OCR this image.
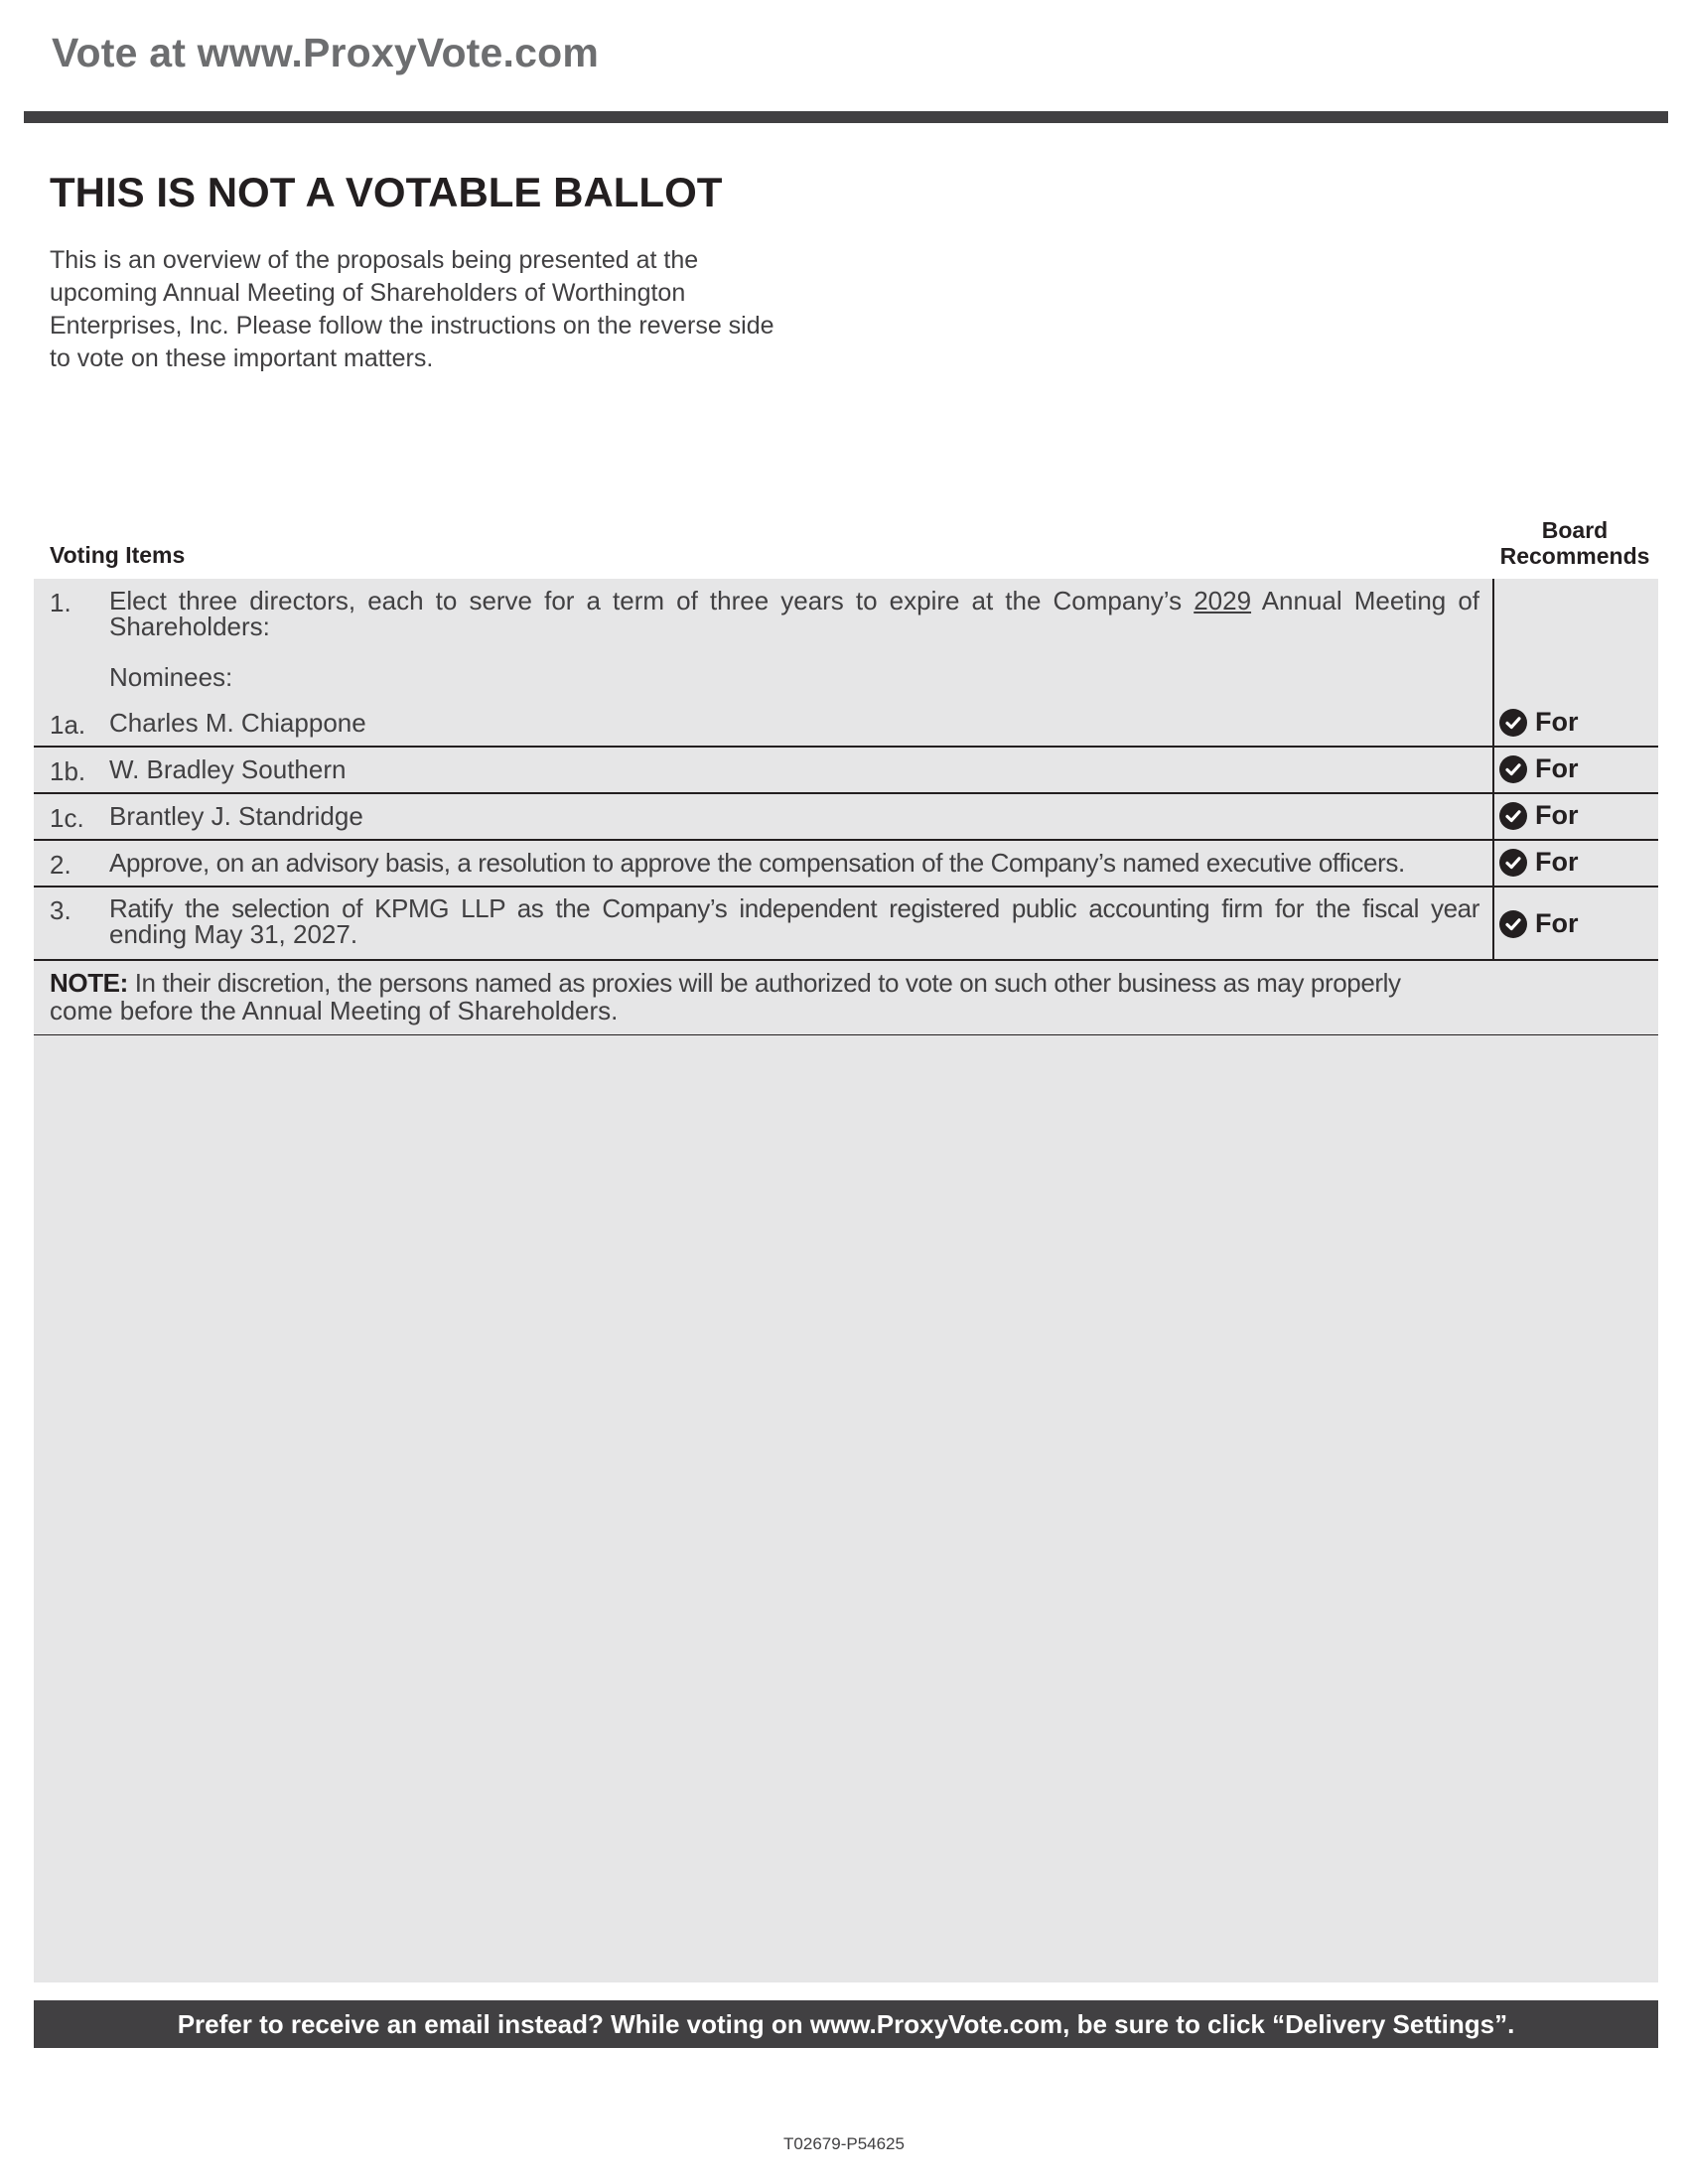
Vote at www.ProxyVote.com
THIS IS NOT A VOTABLE BALLOT
This is an overview of the proposals being presented at the
upcoming Annual Meeting of Shareholders of Worthington
Enterprises, Inc. Please follow the instructions on the reverse side
to vote on these important matters.
Voting Items
Board Recommends
1. Elect three directors, each to serve for a term of three years to expire at the Company’s 2029 Annual Meeting of
Shareholders:
Nominees:
1a. Charles M. Chiappone	For
1b. W. Bradley Southern	For
1c. Brantley J. Standridge	For
2. Approve, on an advisory basis, a resolution to approve the compensation of the Company’s named executive officers.	For
3. Ratify the selection of KPMG LLP as the Company’s independent registered public accounting firm for the fiscal year
ending May 31, 2027.	For
NOTE: In their discretion, the persons named as proxies will be authorized to vote on such other business as may properly
come before the Annual Meeting of Shareholders.
Prefer to receive an email instead? While voting on www.ProxyVote.com, be sure to click “Delivery Settings”.
T02679-P54625
